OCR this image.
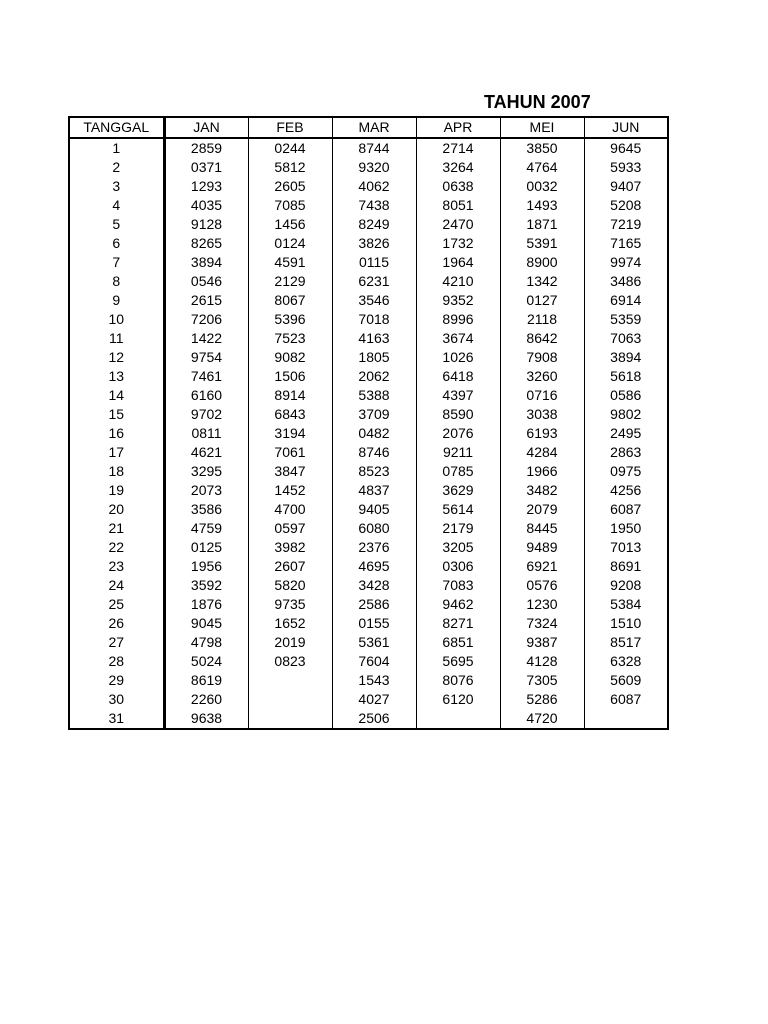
TAHUN 2007
TANGGAL	JAN	FEB	MAR	APR	MEI	JUN
1	2859	0244	8744	2714	3850	9645
2	0371	5812	9320	3264	4764	5933
3	1293	2605	4062	0638	0032	9407
4	4035	7085	7438	8051	1493	5208
5	9128	1456	8249	2470	1871	7219
6	8265	0124	3826	1732	5391	7165
7	3894	4591	0115	1964	8900	9974
8	0546	2129	6231	4210	1342	3486
9	2615	8067	3546	9352	0127	6914
10	7206	5396	7018	8996	2118	5359
11	1422	7523	4163	3674	8642	7063
12	9754	9082	1805	1026	7908	3894
13	7461	1506	2062	6418	3260	5618
14	6160	8914	5388	4397	0716	0586
15	9702	6843	3709	8590	3038	9802
16	0811	3194	0482	2076	6193	2495
17	4621	7061	8746	9211	4284	2863
18	3295	3847	8523	0785	1966	0975
19	2073	1452	4837	3629	3482	4256
20	3586	4700	9405	5614	2079	6087
21	4759	0597	6080	2179	8445	1950
22	0125	3982	2376	3205	9489	7013
23	1956	2607	4695	0306	6921	8691
24	3592	5820	3428	7083	0576	9208
25	1876	9735	2586	9462	1230	5384
26	9045	1652	0155	8271	7324	1510
27	4798	2019	5361	6851	9387	8517
28	5024	0823	7604	5695	4128	6328
29	8619		1543	8076	7305	5609
30	2260		4027	6120	5286	6087
31	9638		2506		4720	
